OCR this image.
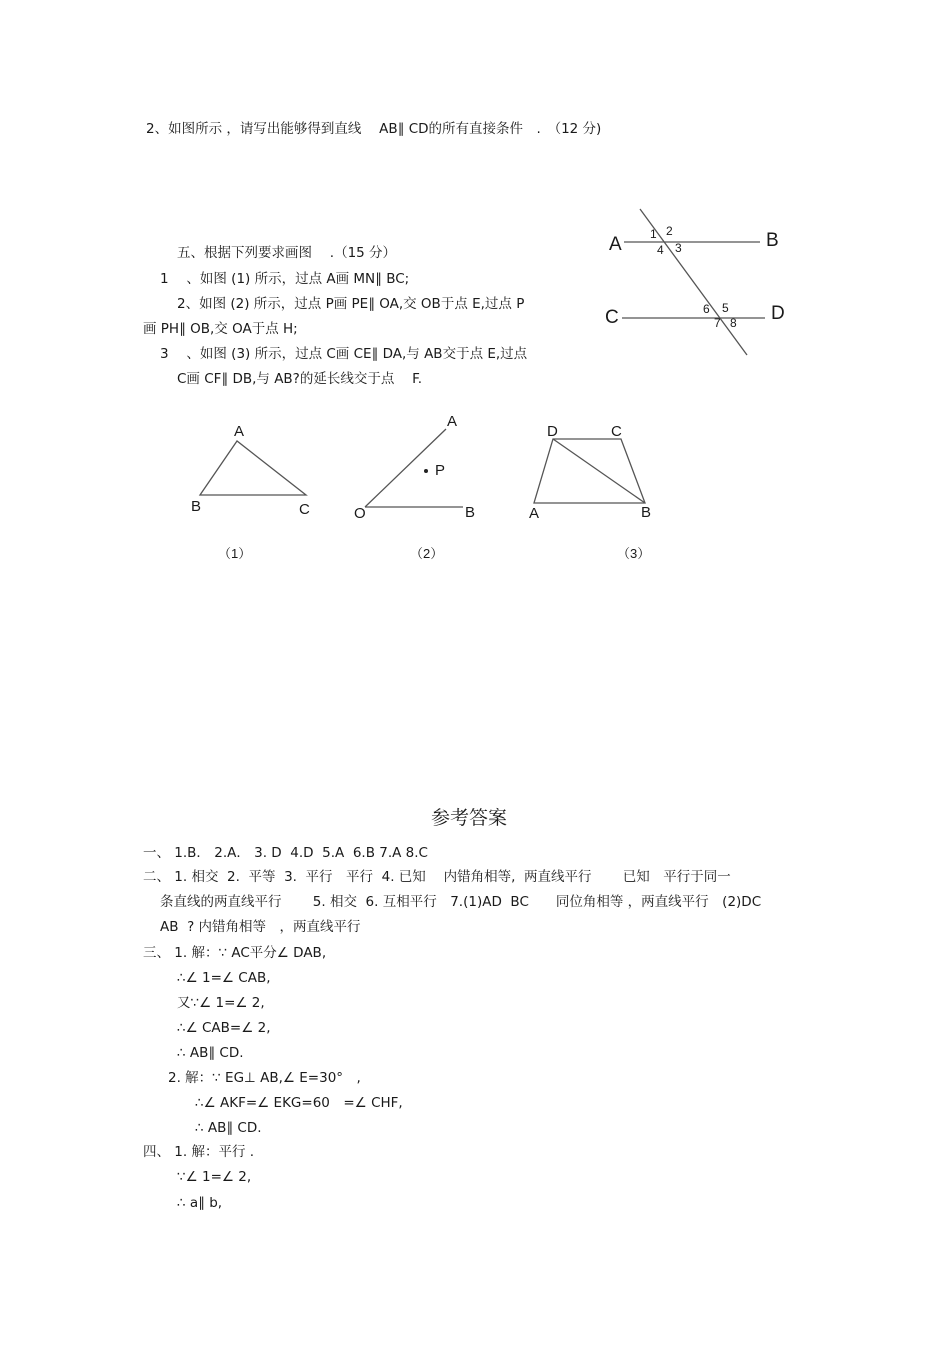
2、如图所示 ，请写出能够得到直线　 AB∥ CD的所有直接条件　.　（12 分)
五、根据下列要求画图　 .（15 分）
1　 、如图 (1) 所示，过点 A画 MN∥ BC;
2、如图 (2) 所示，过点 P画 PE∥ OA,交 OB于点 E,过点 P
画 PH∥ OB,交 OA于点 H;
3　 、如图 (3) 所示，过点 C画 CE∥ DA,与 AB交于点 E,过点
C画 CF∥ DB,与 AB?的延长线交于点　 F.
A	B
C	D
1 2
3
4
5
6
7 8
A
B	C
（1）
A
P
O	B
（2）
D	C
A	B
（3）
参考答案
一、 1.B． 2.A． 3. D  4.D  5.A  6.B 7.A 8.C
二、 1. 相交  2.  平等  3.  平行　平行  4. 已知　 内错角相等,  两直线平行　　 已知　平行于同一
条直线的两直线平行　　 5. 相交  6. 互相平行　7.(1)AD  BC　　同位角相等 ，两直线平行　(2)DC
AB  ? 内错角相等　，两直线平行
三、 1. 解：∵ AC平分∠ DAB,
∴∠ 1=∠ CAB,
又∵∠ 1=∠ 2,
∴∠ CAB=∠ 2,
∴ AB∥ CD.
2. 解：∵ EG⊥ AB,∠ E=30°　,
∴∠ AKF=∠ EKG=60　=∠ CHF,
∴ AB∥ CD.
四、 1. 解：平行 .
∵∠ 1=∠ 2,
∴ a∥ b,
